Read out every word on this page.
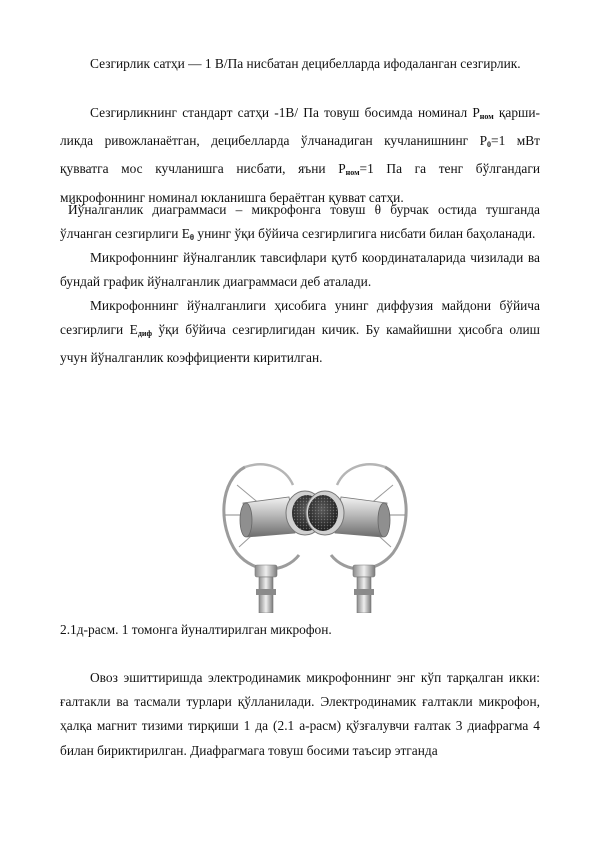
Сезгирлик сатҳи — 1 В/Па нисбатан децибелларда ифодаланган сезгирлик.

Сезгирликнинг стандарт сатҳи -1В/ Па товуш босимда номинал $Р_{ном}$ қарши-ликда ривожланаётган, децибелларда ўлчанадиган кучланишнинг $Р_0=1$ мВт қувватга мос кучланишга нисбати, яъни $Р_{ном}=1$ Па га тенг бўлгандаги микрофоннинг номинал юкланишга бераётган қувват сатҳи.

Йўналганлик диаграммаси – микрофонга товуш θ бурчак остида тушганда ўлчанган сезгирлиги $Е_\theta$ унинг ўқи бўйича сезгирлигига нисбати билан баҳоланади.

Микрофоннинг йўналганлик тавсифлари қутб координаталарида чизилади ва бундай график йўналганлик диаграммаси деб аталади.

Микрофоннинг йўналганлиги ҳисобига унинг диффузия майдони бўйича сезгирлиги $Е_{диф}$ ўқи бўйича сезгирлигидан кичик. Бу камайишни ҳисобга олиш учун йўналганлик коэффициенти киритилган.

2.1д-расм. 1 томонга йуналтирилган микрофон.

Овоз эшиттиришда электродинамик микрофоннинг энг кўп тарқалган икки: ғалтакли ва тасмали турлари қўлланилади. Электродинамик ғалтакли микрофон, ҳалқа магнит тизими тирқиши 1 да (2.1 а-расм) қўзғалувчи ғалтак 3 диафрагма 4 билан бириктирилган. Диафрагмага товуш босими таъсир этганда
